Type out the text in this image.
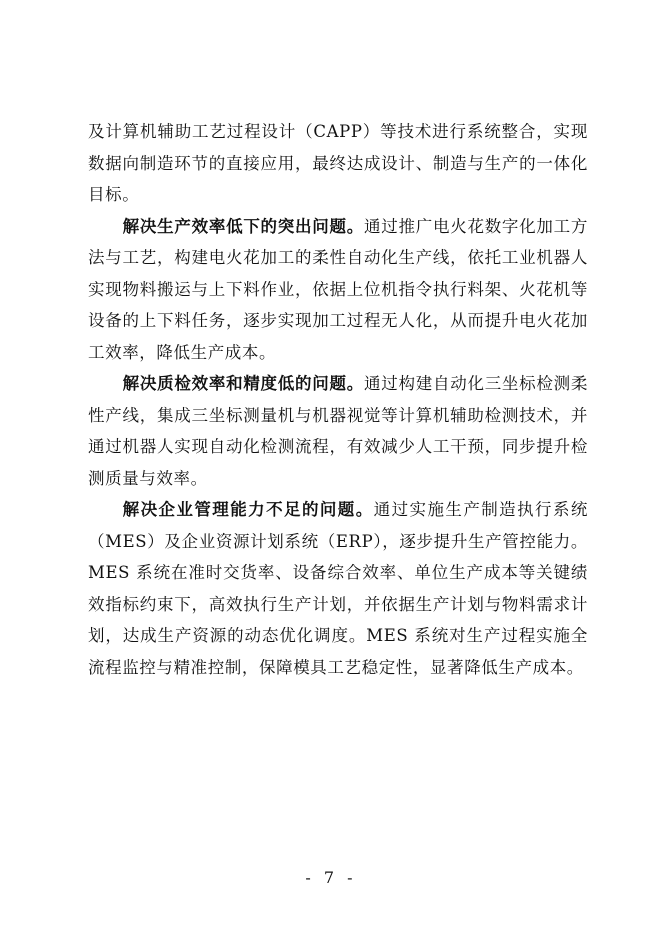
及计算机辅助工艺过程设计（CAPP）等技术进行系统整合，实现数据向制造环节的直接应用，最终达成设计、制造与生产的一体化目标。

解决生产效率低下的突出问题。通过推广电火花数字化加工方法与工艺，构建电火花加工的柔性自动化生产线，依托工业机器人实现物料搬运与上下料作业，依据上位机指令执行料架、火花机等设备的上下料任务，逐步实现加工过程无人化，从而提升电火花加工效率，降低生产成本。

解决质检效率和精度低的问题。通过构建自动化三坐标检测柔性产线，集成三坐标测量机与机器视觉等计算机辅助检测技术，并通过机器人实现自动化检测流程，有效减少人工干预，同步提升检测质量与效率。

解决企业管理能力不足的问题。通过实施生产制造执行系统（MES）及企业资源计划系统（ERP），逐步提升生产管控能力。MES 系统在准时交货率、设备综合效率、单位生产成本等关键绩效指标约束下，高效执行生产计划，并依据生产计划与物料需求计划，达成生产资源的动态优化调度。MES 系统对生产过程实施全流程监控与精准控制，保障模具工艺稳定性，显著降低生产成本。

- 7 -
